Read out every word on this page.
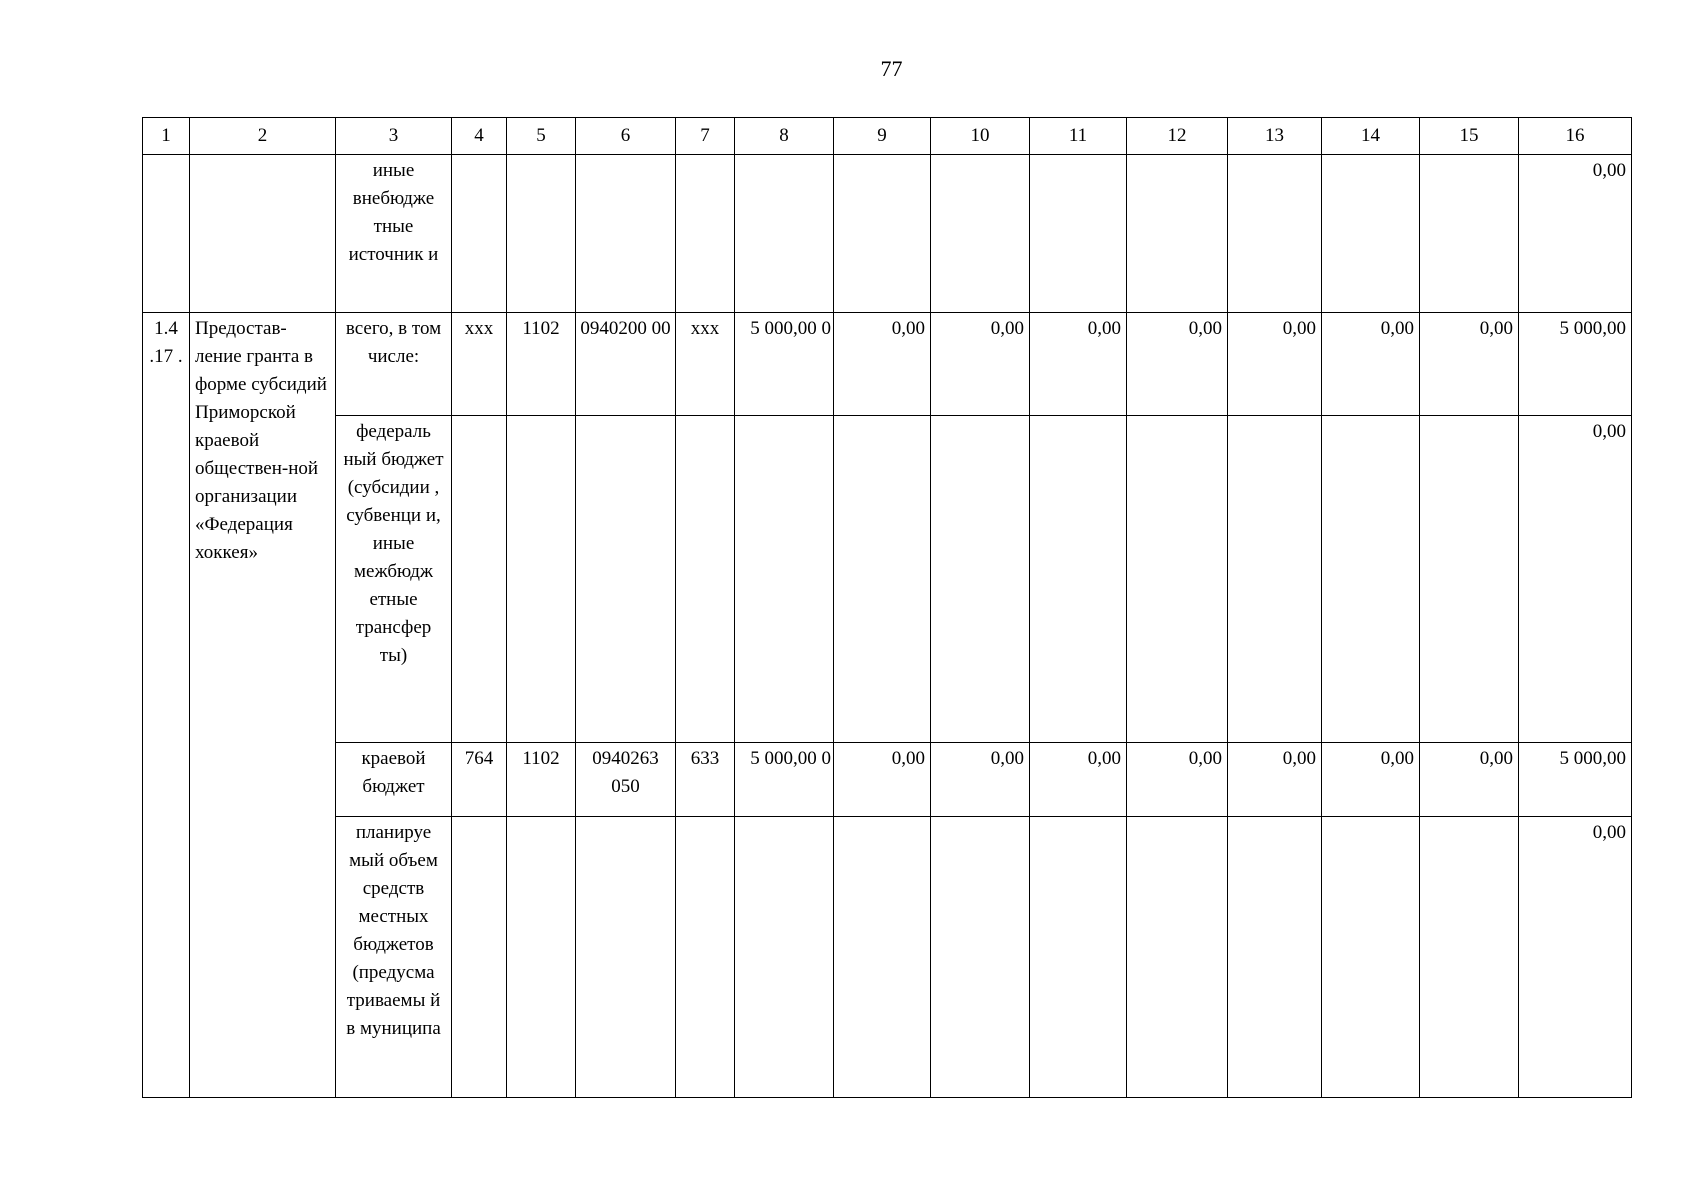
77
1	2	3	4	5	6	7	8	9	10	11	12	13	14	15	16
		иные внебюдже тные источник и													0,00
1.4 .17 .	Предостав-ление гранта в форме субсидий Приморской краевой обществен-ной организации «Федерация хоккея»	всего, в том числе:	xxx	1102	0940200 00	xxx	5 000,00 0	0,00	0,00	0,00	0,00	0,00	0,00	0,00	5 000,00
		федераль ный бюджет (субсидии , субвенци и, иные межбюдж етные трансфер ты)													0,00
		краевой бюджет	764	1102	0940263 050	633	5 000,00 0	0,00	0,00	0,00	0,00	0,00	0,00	0,00	5 000,00
		планируе мый объем средств местных бюджетов (предусма триваемы й в муниципа													0,00
